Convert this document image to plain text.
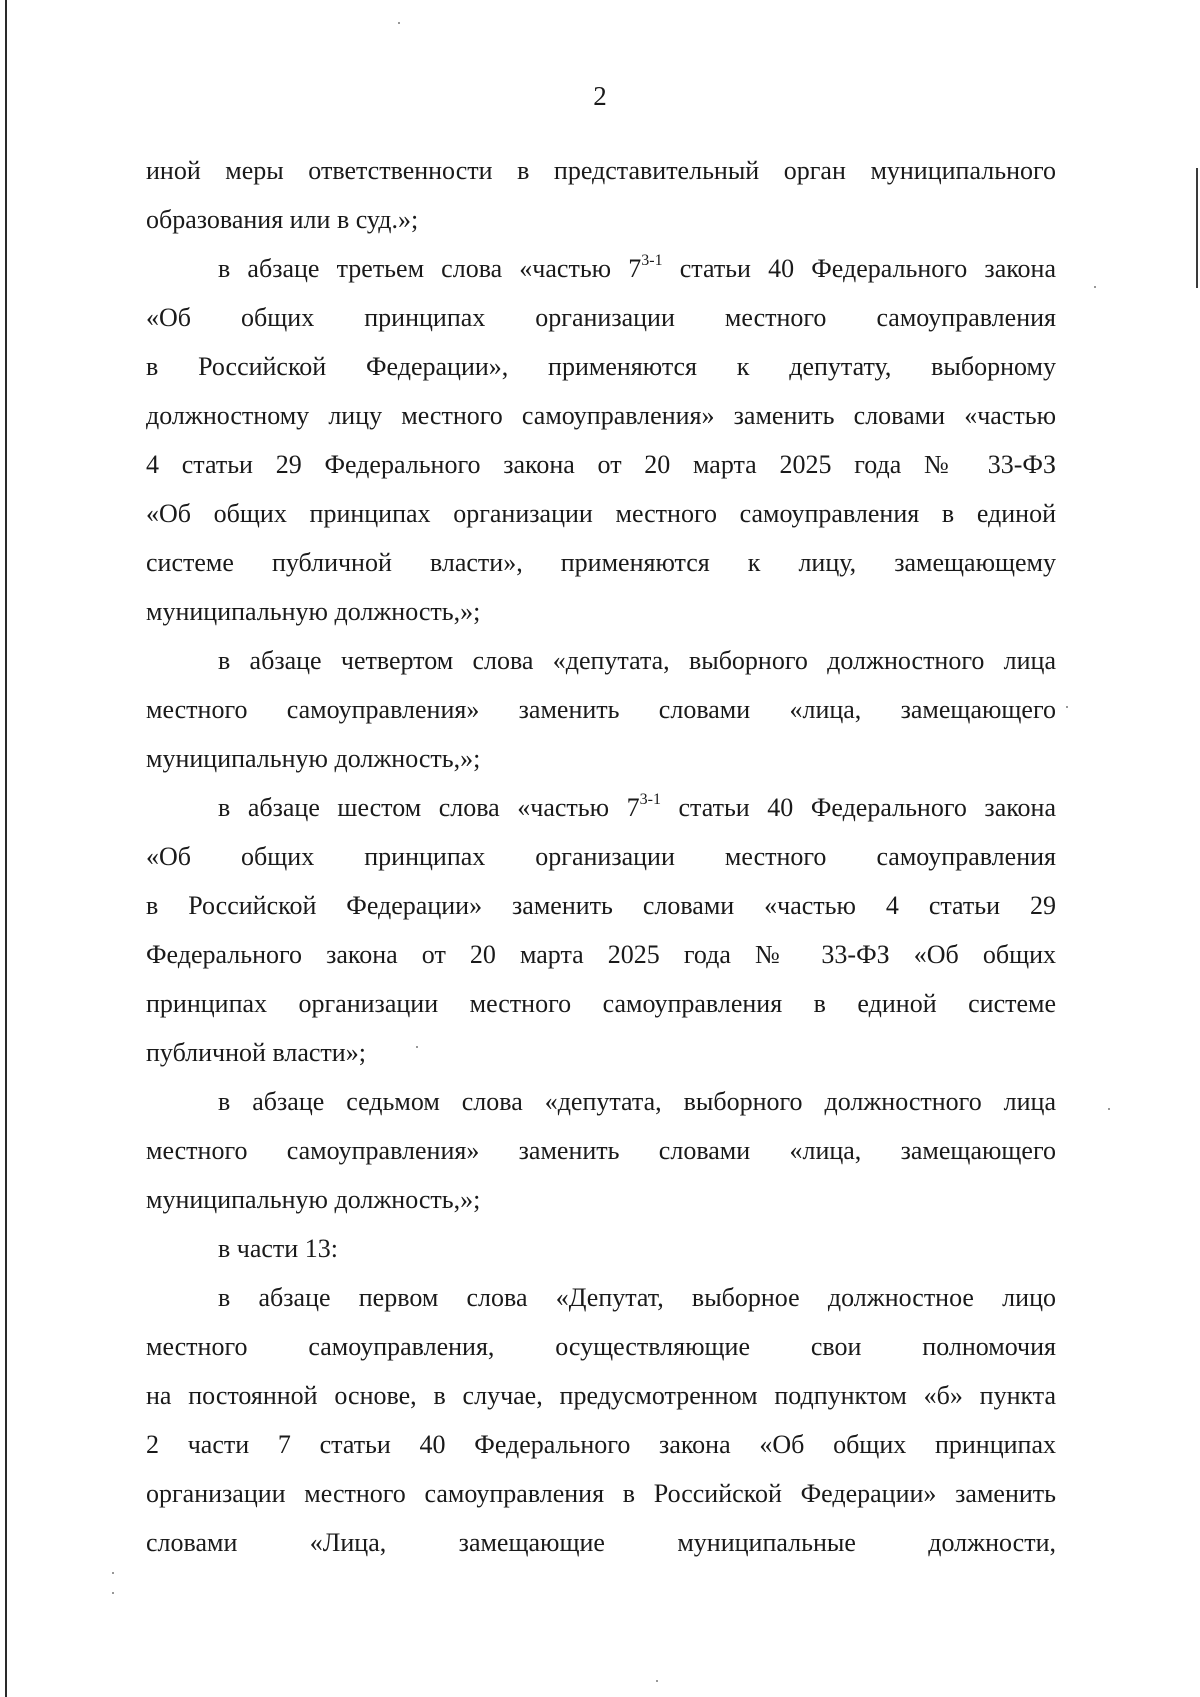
2

иной меры ответственности в представительный орган муниципального

образования или в суд.»;

в абзаце третьем слова «частью 7$^{3-1}$ статьи 40 Федерального закона

«Об общих принципах организации местного самоуправления

в Российской Федерации», применяются к депутату, выборному

должностному лицу местного самоуправления» заменить словами «частью

4 статьи 29 Федерального закона от 20 марта 2025 года № 33-ФЗ

«Об общих принципах организации местного самоуправления в единой

системе публичной власти», применяются к лицу, замещающему

муниципальную должность,»;

в абзаце четвертом слова «депутата, выборного должностного лица

местного самоуправления» заменить словами «лица, замещающего

муниципальную должность,»;

в абзаце шестом слова «частью 7$^{3-1}$ статьи 40 Федерального закона

«Об общих принципах организации местного самоуправления

в Российской Федерации» заменить словами «частью 4 статьи 29

Федерального закона от 20 марта 2025 года № 33-ФЗ «Об общих

принципах организации местного самоуправления в единой системе

публичной власти»;

в абзаце седьмом слова «депутата, выборного должностного лица

местного самоуправления» заменить словами «лица, замещающего

муниципальную должность,»;

в части 13:

в абзаце первом слова «Депутат, выборное должностное лицо

местного самоуправления, осуществляющие свои полномочия

на постоянной основе, в случае, предусмотренном подпунктом «б» пункта

2 части 7 статьи 40 Федерального закона «Об общих принципах

организации местного самоуправления в Российской Федерации» заменить

словами «Лица, замещающие муниципальные должности,
